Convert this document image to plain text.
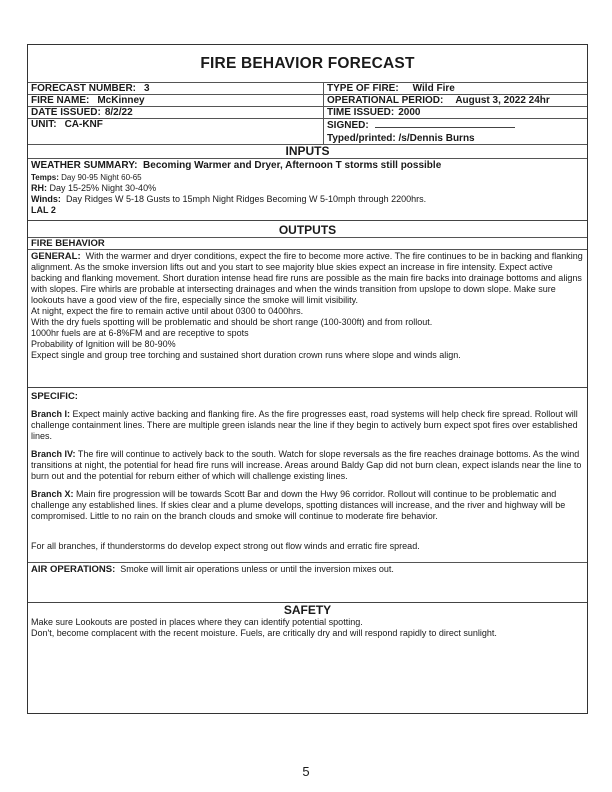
FIRE BEHAVIOR FORECAST
FORECAST NUMBER: 3	TYPE OF FIRE: Wild Fire
FIRE NAME: McKinney	OPERATIONAL PERIOD: August 3, 2022 24hr
DATE ISSUED: 8/2/22	TIME ISSUED: 2000
UNIT: CA-KNF	SIGNED:
Typed/printed: /s/Dennis Burns
INPUTS
WEATHER SUMMARY: Becoming Warmer and Dryer, Afternoon T storms still possible
Temps: Day 90-95 Night 60-65
RH: Day 15-25% Night 30-40%
Winds: Day Ridges W 5-18 Gusts to 15mph Night Ridges Becoming W 5-10mph through 2200hrs.
LAL 2
OUTPUTS
FIRE BEHAVIOR
GENERAL: With the warmer and dryer conditions, expect the fire to become more active. The fire continues to be in backing and flanking alignment. As the smoke inversion lifts out and you start to see majority blue skies expect an increase in fire intensity. Expect active backing and flanking movement. Short duration intense head fire runs are possible as the main fire backs into drainage bottoms and aligns with slopes. Fire whirls are probable at intersecting drainages and when the winds transition from upslope to down slope. Make sure lookouts have a good view of the fire, especially since the smoke will limit visibility.
At night, expect the fire to remain active until about 0300 to 0400hrs.
With the dry fuels spotting will be problematic and should be short range (100-300ft) and from rollout.
1000hr fuels are at 6-8%FM and are receptive to spots
Probability of Ignition will be 80-90%
Expect single and group tree torching and sustained short duration crown runs where slope and winds align.
SPECIFIC:
Branch I: Expect mainly active backing and flanking fire. As the fire progresses east, road systems will help check fire spread. Rollout will challenge containment lines. There are multiple green islands near the line if they begin to actively burn expect spot fires over established lines.
Branch IV: The fire will continue to actively back to the south. Watch for slope reversals as the fire reaches drainage bottoms. As the wind transitions at night, the potential for head fire runs will increase. Areas around Baldy Gap did not burn clean, expect islands near the line to burn out and the potential for reburn either of which will challenge existing lines.
Branch X: Main fire progression will be towards Scott Bar and down the Hwy 96 corridor. Rollout will continue to be problematic and challenge any established lines. If skies clear and a plume develops, spotting distances will increase, and the river and highway will be compromised. Little to no rain on the branch clouds and smoke will continue to moderate fire behavior.
For all branches, if thunderstorms do develop expect strong out flow winds and erratic fire spread.
AIR OPERATIONS: Smoke will limit air operations unless or until the inversion mixes out.
SAFETY
Make sure Lookouts are posted in places where they can identify potential spotting.
Don't, become complacent with the recent moisture. Fuels, are critically dry and will respond rapidly to direct sunlight.
5
